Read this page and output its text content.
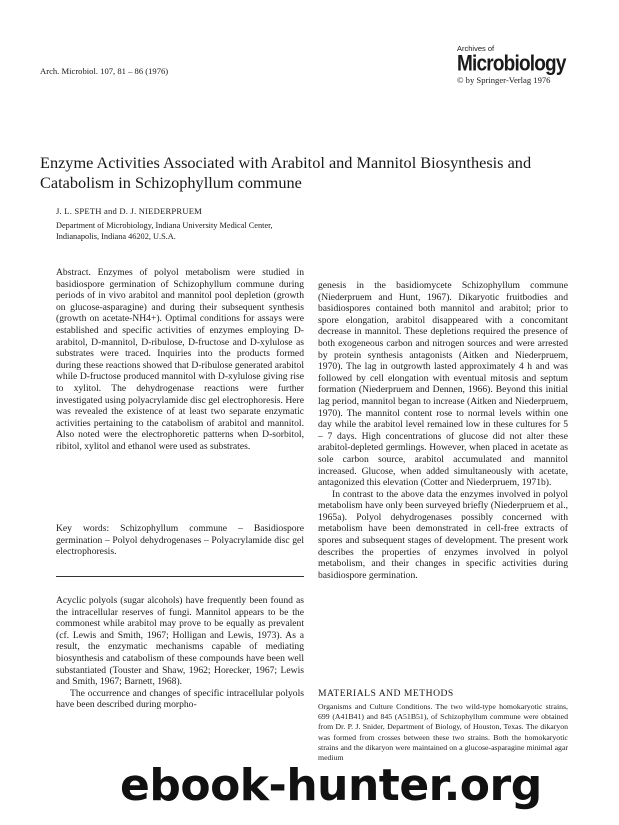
Arch. Microbiol. 107, 81 – 86 (1976)
Archives of
Microbiology
© by Springer-Verlag 1976
Enzyme Activities Associated with Arabitol and Mannitol Biosynthesis and Catabolism in Schizophyllum commune
J. L. SPETH and D. J. NIEDERPRUEM
Department of Microbiology, Indiana University Medical Center, Indianapolis, Indiana 46202, U.S.A.

Abstract. Enzymes of polyol metabolism were studied in basidiospore germination of Schizophyllum commune during periods of in vivo arabitol and mannitol pool depletion (growth on glucose-asparagine) and during their subsequent synthesis (growth on acetate-NH4+). Optimal conditions for assays were established and specific activities of enzymes employing D-arabitol, D-mannitol, D-ribulose, D-fructose and D-xylulose as substrates were traced. Inquiries into the products formed during these reactions showed that D-ribulose generated arabitol while D-fructose produced mannitol with D-xylulose giving rise to xylitol. The dehydrogenase reactions were further investigated using polyacrylamide disc gel electrophoresis. Here was revealed the existence of at least two separate enzymatic activities pertaining to the catabolism of arabitol and mannitol. Also noted were the electrophoretic patterns when D-sorbitol, ribitol, xylitol and ethanol were used as substrates.

Key words: Schizophyllum commune – Basidiospore germination – Polyol dehydrogenases – Polyacrylamide disc gel electrophoresis.

Acyclic polyols (sugar alcohols) have frequently been found as the intracellular reserves of fungi. Mannitol appears to be the commonest while arabitol may prove to be equally as prevalent (cf. Lewis and Smith, 1967; Holligan and Lewis, 1973). As a result, the enzymatic mechanisms capable of mediating biosynthesis and catabolism of these compounds have been well substantiated (Touster and Shaw, 1962; Horecker, 1967; Lewis and Smith, 1967; Barnett, 1968).

The occurrence and changes of specific intracellular polyols have been described during morpho-

genesis in the basidiomycete Schizophyllum commune (Niederpruem and Hunt, 1967). Dikaryotic fruitbodies and basidiospores contained both mannitol and arabitol; prior to spore elongation, arabitol disappeared with a concomitant decrease in mannitol. These depletions required the presence of both exogeneous carbon and nitrogen sources and were arrested by protein synthesis antagonists (Aitken and Niederpruem, 1970). The lag in outgrowth lasted approximately 4 h and was followed by cell elongation with eventual mitosis and septum formation (Niederpruem and Dennen, 1966). Beyond this initial lag period, mannitol began to increase (Aitken and Niederpruem, 1970). The mannitol content rose to normal levels within one day while the arabitol level remained low in these cultures for 5 – 7 days. High concentrations of glucose did not alter these arabitol-depleted germlings. However, when placed in acetate as sole carbon source, arabitol accumulated and mannitol increased. Glucose, when added simultaneously with acetate, antagonized this elevation (Cotter and Niederpruem, 1971b).

In contrast to the above data the enzymes involved in polyol metabolism have only been surveyed briefly (Niederpruem et al., 1965a). Polyol dehydrogenases possibly concerned with metabolism have been demonstrated in cell-free extracts of spores and subsequent stages of development. The present work describes the properties of enzymes involved in polyol metabolism, and their changes in specific activities during basidiospore germination.

MATERIALS AND METHODS

Organisms and Culture Conditions. The two wild-type homokaryotic strains, 699 (A41B41) and 845 (A51B51), of Schizophyllum commune were obtained from Dr. P. J. Snider, Department of Biology, of Houston, Texas. The dikaryon was formed from crosses between these two strains. Both the homokaryotic strains and the dikaryon were maintained on a glucose-asparagine minimal agar medium

ebook-hunter.org
